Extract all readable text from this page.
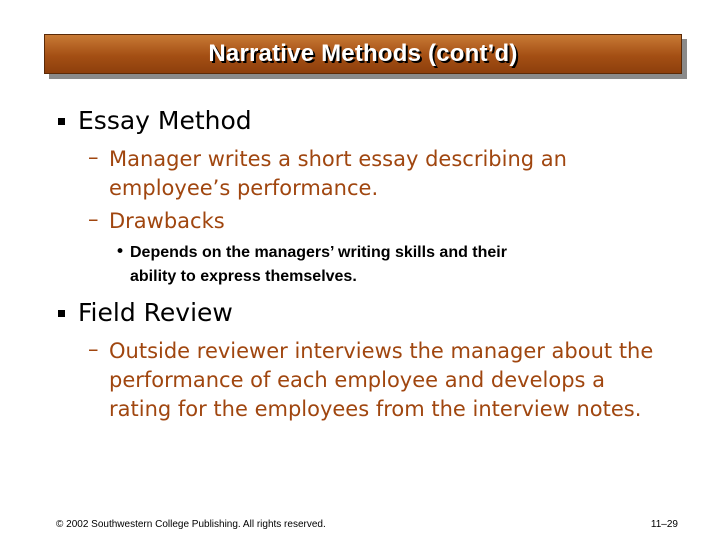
Narrative Methods (cont’d)
Essay Method
– Manager writes a short essay describing an
employee’s performance.
– Drawbacks
• Depends on the managers’ writing skills and their
ability to express themselves.
Field Review
– Outside reviewer interviews the manager about the
performance of each employee and develops a
rating for the employees from the interview notes.
© 2002 Southwestern College Publishing. All rights reserved.	11–29
